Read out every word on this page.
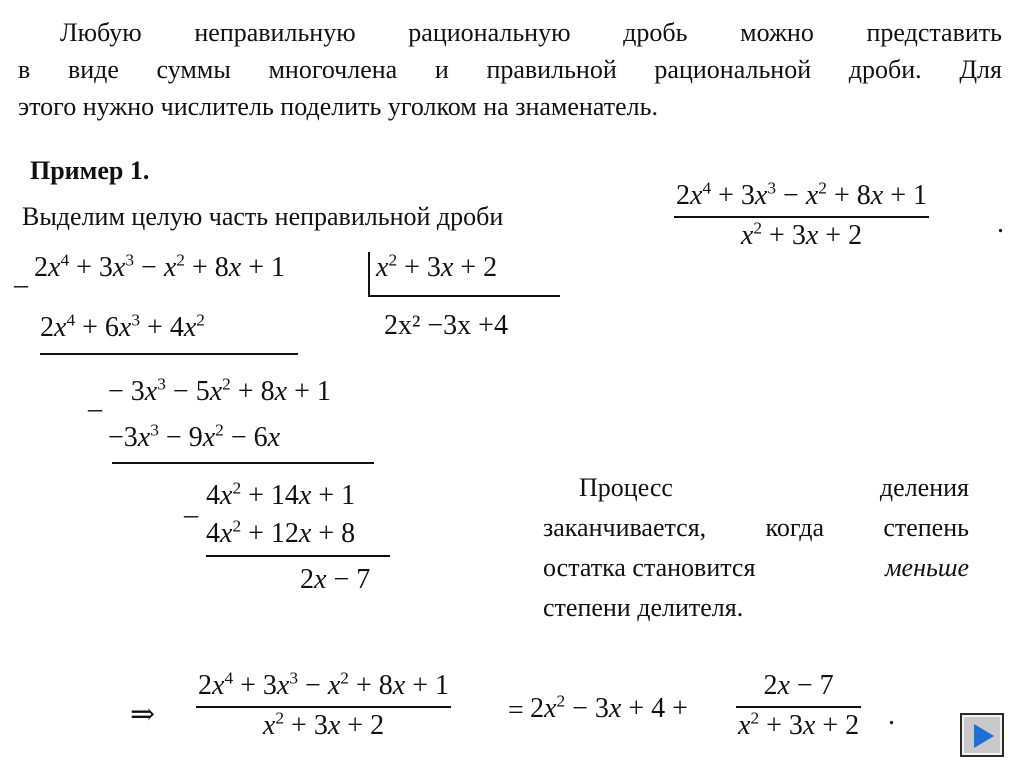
Любую неправильную рациональную дробь можно представить
в виде суммы многочлена и правильной рациональной дроби. Для
этого нужно числитель поделить уголком на знаменатель.
Пример 1.
Выделим целую часть неправильной дроби
$2x^4 + 3x^3 - x^2 + 8x + 1$
$x^2 + 3x + 2$	.
_ $2x^4 + 3x^3 - x^2 + 8x + 1$	$x^2 + 3x + 2$
2x² −3x +4
$2x^4 + 6x^3 + 4x^2$
_ − $3x^3 - 5x^2 + 8x + 1$
$-3x^3 - 9x^2 - 6x$
_ $4x^2 + 14x + 1$
$4x^2 + 12x + 8$
2x − 7
Процесс	деления
заканчивается, когда степень
остатка становится	меньше
степени делителя.
⇒
$2x^4 + 3x^3 - x^2 + 8x + 1$
$x^2 + 3x + 2$	= $2x^2 - 3x + 4$ +
2x − 7
$x^2 + 3x + 2$ .
